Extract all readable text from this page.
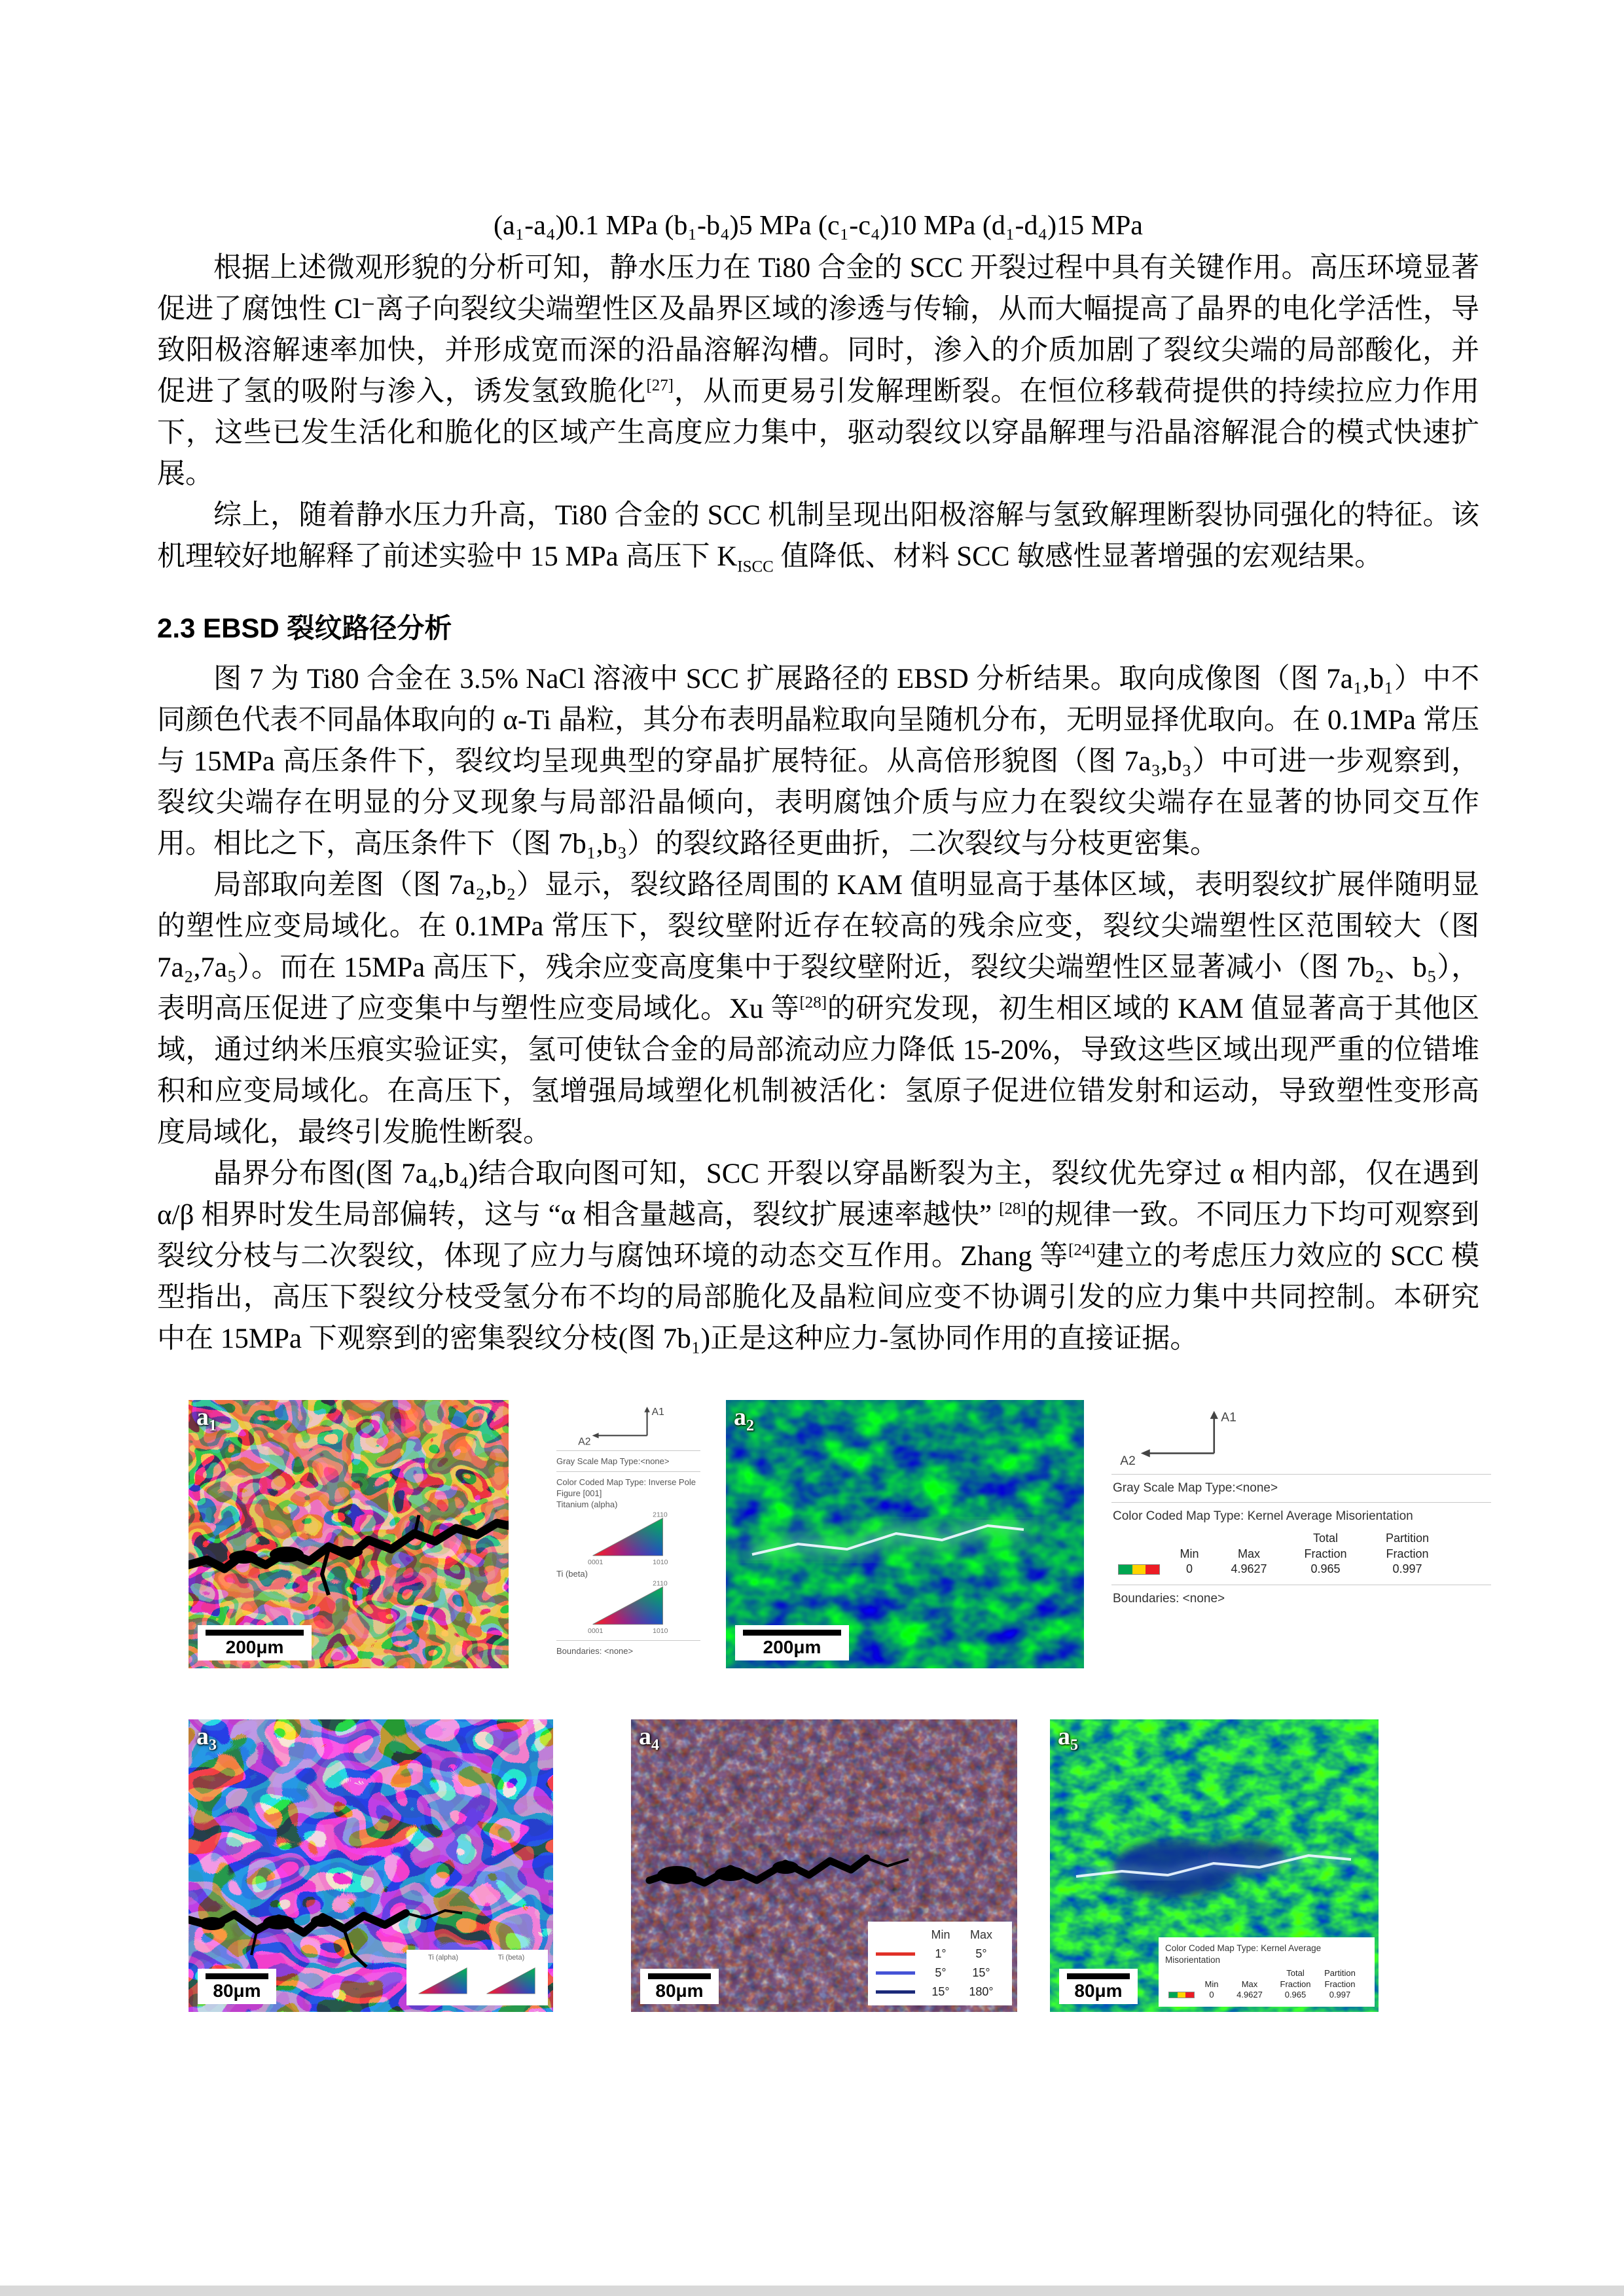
(a₁-a₄)0.1 MPa (b₁-b₄)5 MPa (c₁-c₄)10 MPa (d₁-d₄)15 MPa

根据上述微观形貌的分析可知，静水压力在 Ti80 合金的 SCC 开裂过程中具有关键作用。高压环境显著促进了腐蚀性 Cl⁻离子向裂纹尖端塑性区及晶界区域的渗透与传输，从而大幅提高了晶界的电化学活性，导致阳极溶解速率加快，并形成宽而深的沿晶溶解沟槽。同时，渗入的介质加剧了裂纹尖端的局部酸化，并促进了氢的吸附与渗入，诱发氢致脆化[27]，从而更易引发解理断裂。在恒位移载荷提供的持续拉应力作用下，这些已发生活化和脆化的区域产生高度应力集中，驱动裂纹以穿晶解理与沿晶溶解混合的模式快速扩展。

综上，随着静水压力升高，Ti80 合金的 SCC 机制呈现出阳极溶解与氢致解理断裂协同强化的特征。该机理较好地解释了前述实验中 15 MPa 高压下 $K_{ISCC}$ 值降低、材料 SCC 敏感性显著增强的宏观结果。

2.3 EBSD 裂纹路径分析

图 7 为 Ti80 合金在 3.5% NaCl 溶液中 SCC 扩展路径的 EBSD 分析结果。取向成像图（图 7a₁,b₁）中不同颜色代表不同晶体取向的 α-Ti 晶粒，其分布表明晶粒取向呈随机分布，无明显择优取向。在 0.1MPa 常压与 15MPa 高压条件下，裂纹均呈现典型的穿晶扩展特征。从高倍形貌图（图 7a₃,b₃）中可进一步观察到，裂纹尖端存在明显的分叉现象与局部沿晶倾向，表明腐蚀介质与应力在裂纹尖端存在显著的协同交互作用。相比之下，高压条件下（图 7b₁,b₃）的裂纹路径更曲折，二次裂纹与分枝更密集。

局部取向差图（图 7a₂,b₂）显示，裂纹路径周围的 KAM 值明显高于基体区域，表明裂纹扩展伴随明显的塑性应变局域化。在 0.1MPa 常压下，裂纹壁附近存在较高的残余应变，裂纹尖端塑性区范围较大（图 7a₂,7a₅）。而在 15MPa 高压下，残余应变高度集中于裂纹壁附近，裂纹尖端塑性区显著减小（图 7b₂、b₅），表明高压促进了应变集中与塑性应变局域化。Xu 等[28]的研究发现，初生相区域的 KAM 值显著高于其他区域，通过纳米压痕实验证实，氢可使钛合金的局部流动应力降低 15-20%，导致这些区域出现严重的位错堆积和应变局域化。在高压下，氢增强局域塑化机制被活化：氢原子促进位错发射和运动，导致塑性变形高度局域化，最终引发脆性断裂。

晶界分布图(图 7a₄,b₄)结合取向图可知，SCC 开裂以穿晶断裂为主，裂纹优先穿过 α 相内部，仅在遇到 α/β 相界时发生局部偏转，这与 “α 相含量越高，裂纹扩展速率越快” [28]的规律一致。不同压力下均可观察到裂纹分枝与二次裂纹，体现了应力与腐蚀环境的动态交互作用。Zhang 等[24]建立的考虑压力效应的 SCC 模型指出，高压下裂纹分枝受氢分布不均的局部脆化及晶粒间应变不协调引发的应力集中共同控制。本研究中在 15MPa 下观察到的密集裂纹分枝(图 7b₁)正是这种应力-氢协同作用的直接证据。

$a_1$
200μm
A1
A2
Gray Scale Map Type:<none>
Color Coded Map Type: Inverse Pole Figure [001]
Titanium (alpha)
0001	1010
2110
Ti (beta)
0001	1010
2110
Boundaries: <none>
$a_2$
200μm
A1
A2
Gray Scale Map Type:<none>
Color Coded Map Type: Kernel Average Misorientation
Total	Partition
Min	Max	Fraction	Fraction
0	4.9627	0.965	0.997
Boundaries: <none>
$a_3$
80μm
Ti (alpha)	Ti (beta)
$a_4$
80μm
Min	Max
1°	5°
5°	15°
15°	180°
$a_5$
80μm
Color Coded Map Type: Kernel Average Misorientation
Total	Partition
Min	Max	Fraction	Fraction
0	4.9627	0.965	0.997
